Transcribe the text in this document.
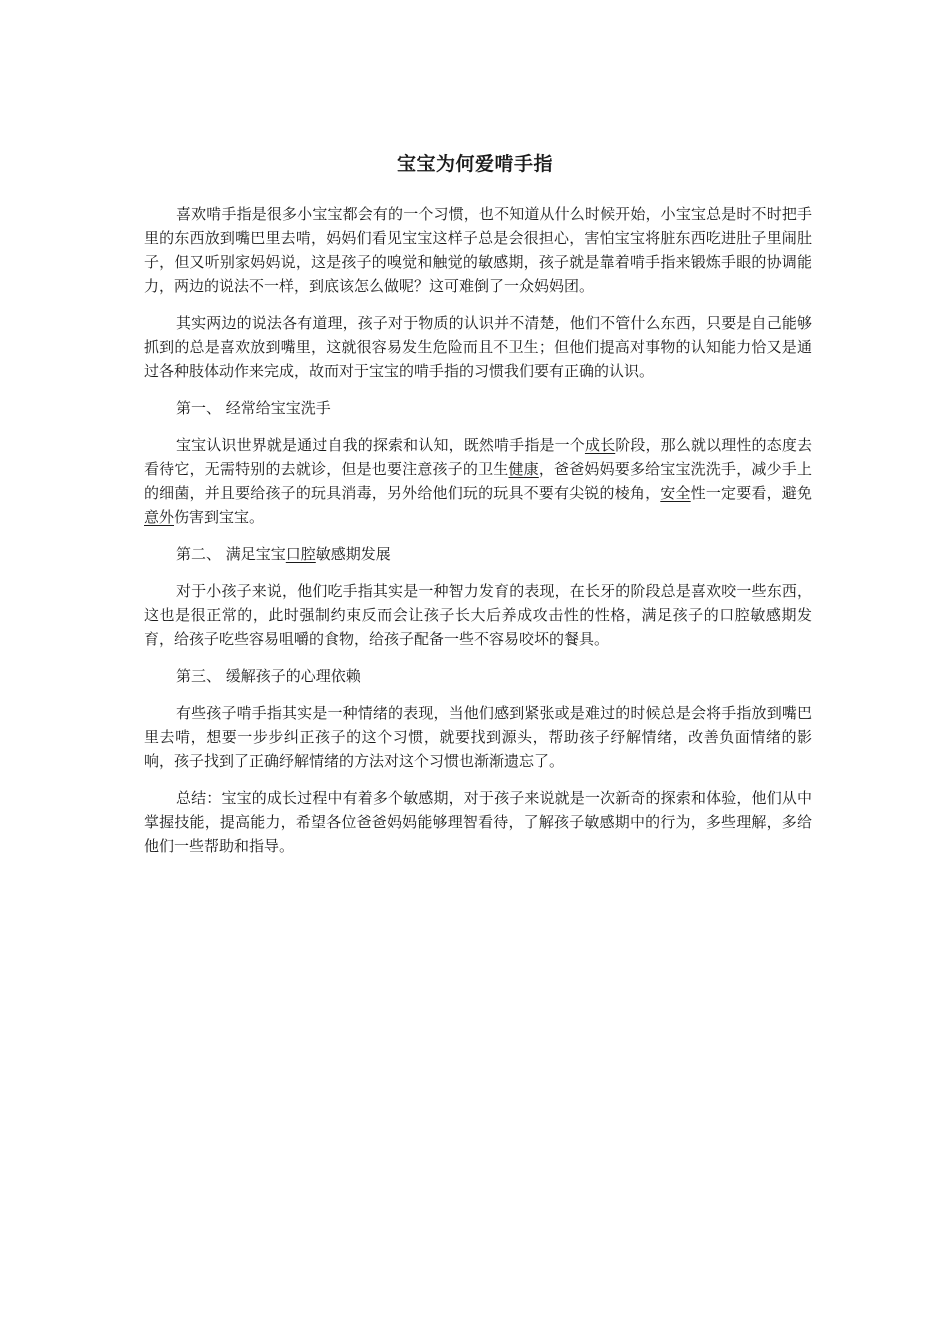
宝宝为何爱啃手指

喜欢啃手指是很多小宝宝都会有的一个习惯，也不知道从什么时候开始，小宝宝总是时不时把手里的东西放到嘴巴里去啃，妈妈们看见宝宝这样子总是会很担心，害怕宝宝将脏东西吃进肚子里闹肚子，但又听别家妈妈说，这是孩子的嗅觉和触觉的敏感期，孩子就是靠着啃手指来锻炼手眼的协调能力，两边的说法不一样，到底该怎么做呢？这可难倒了一众妈妈团。

其实两边的说法各有道理，孩子对于物质的认识并不清楚，他们不管什么东西，只要是自己能够抓到的总是喜欢放到嘴里，这就很容易发生危险而且不卫生；但他们提高对事物的认知能力恰又是通过各种肢体动作来完成，故而对于宝宝的啃手指的习惯我们要有正确的认识。

第一、 经常给宝宝洗手

宝宝认识世界就是通过自我的探索和认知，既然啃手指是一个成长阶段，那么就以理性的态度去看待它，无需特别的去就诊，但是也要注意孩子的卫生健康，爸爸妈妈要多给宝宝洗洗手，减少手上的细菌，并且要给孩子的玩具消毒，另外给他们玩的玩具不要有尖锐的棱角，安全性一定要看，避免意外伤害到宝宝。

第二、 满足宝宝口腔敏感期发展

对于小孩子来说，他们吃手指其实是一种智力发育的表现，在长牙的阶段总是喜欢咬一些东西，这也是很正常的，此时强制约束反而会让孩子长大后养成攻击性的性格，满足孩子的口腔敏感期发育，给孩子吃些容易咀嚼的食物，给孩子配备一些不容易咬坏的餐具。

第三、 缓解孩子的心理依赖

有些孩子啃手指其实是一种情绪的表现，当他们感到紧张或是难过的时候总是会将手指放到嘴巴里去啃，想要一步步纠正孩子的这个习惯，就要找到源头，帮助孩子纾解情绪，改善负面情绪的影响，孩子找到了正确纾解情绪的方法对这个习惯也渐渐遗忘了。

总结：宝宝的成长过程中有着多个敏感期，对于孩子来说就是一次新奇的探索和体验，他们从中掌握技能，提高能力，希望各位爸爸妈妈能够理智看待，了解孩子敏感期中的行为，多些理解，多给他们一些帮助和指导。
